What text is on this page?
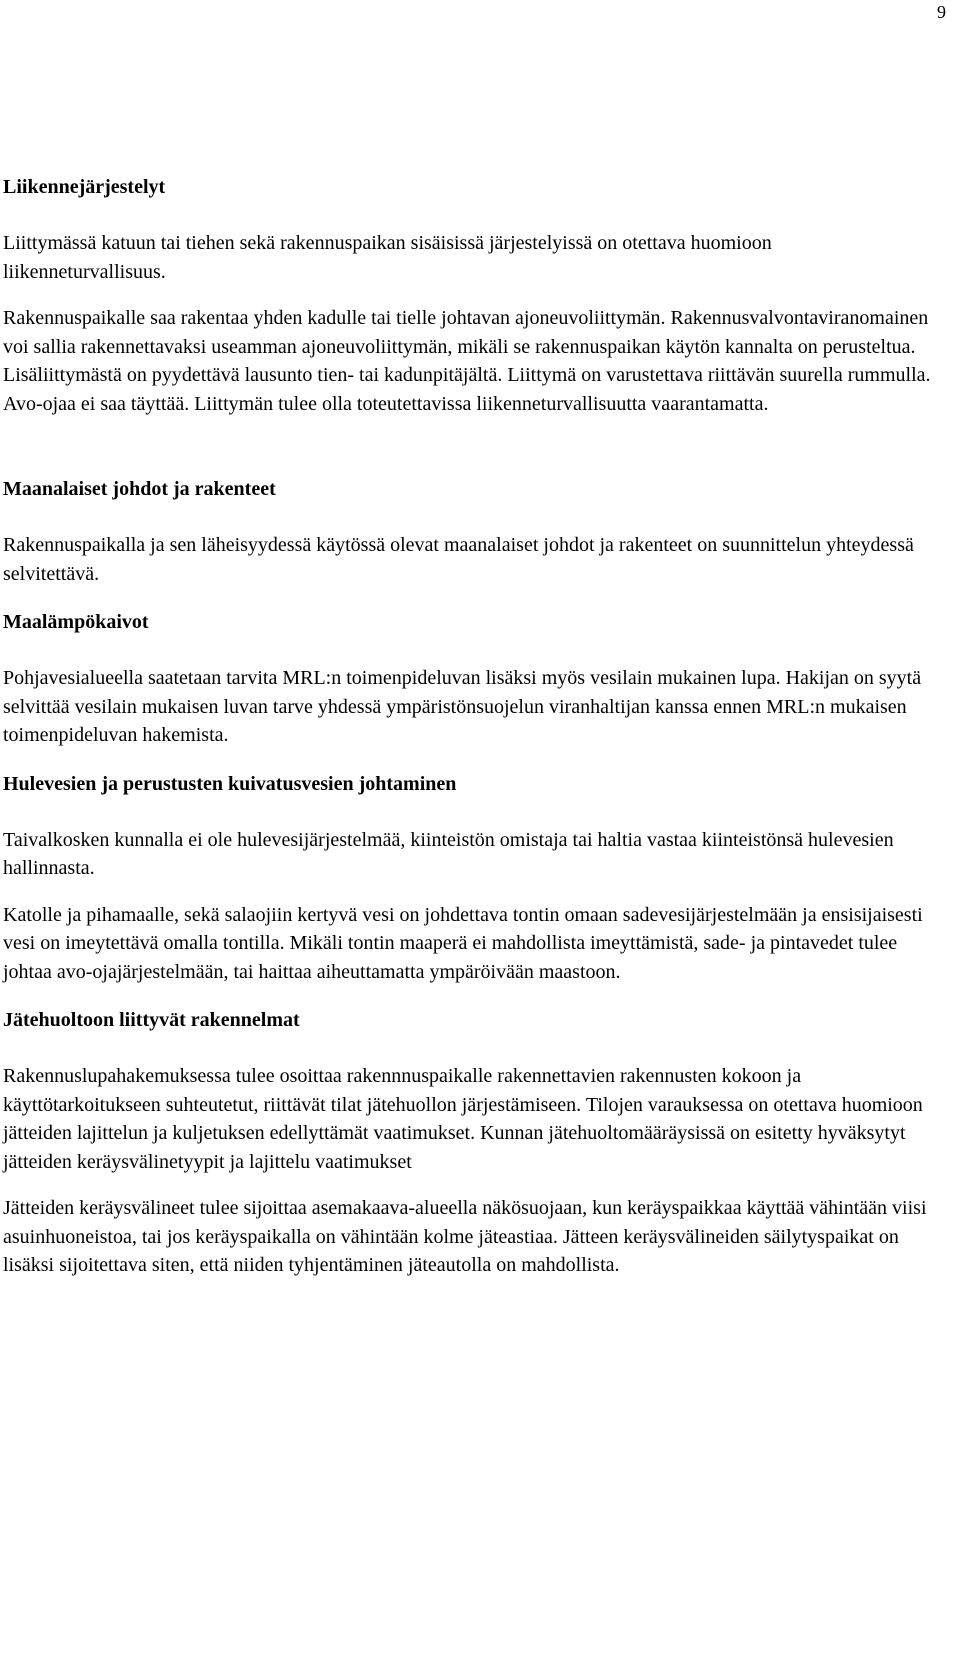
9
Liikennejärjestelyt

Liittymässä katuun tai tiehen sekä rakennuspaikan sisäisissä järjestelyissä on otettava huomioon liikenneturvallisuus.

Rakennuspaikalle saa rakentaa yhden kadulle tai tielle johtavan ajoneuvoliittymän. Rakennusvalvontaviranomainen voi sallia rakennettavaksi useamman ajoneuvoliittymän, mikäli se rakennuspaikan käytön kannalta on perusteltua. Lisäliittymästä on pyydettävä lausunto tien- tai kadunpitäjältä. Liittymä on varustettava riittävän suurella rummulla. Avo-ojaa ei saa täyttää. Liittymän tulee olla toteutettavissa liikenneturvallisuutta vaarantamatta.

Maanalaiset johdot ja rakenteet

Rakennuspaikalla ja sen läheisyydessä käytössä olevat maanalaiset johdot ja rakenteet on suunnittelun yhteydessä selvitettävä.

Maalämpökaivot

Pohjavesialueella saatetaan tarvita MRL:n toimenpideluvan lisäksi myös vesilain mukainen lupa. Hakijan on syytä selvittää vesilain mukaisen luvan tarve yhdessä ympäristönsuojelun viranhaltijan kanssa ennen MRL:n mukaisen toimenpideluvan hakemista.

Hulevesien ja perustusten kuivatusvesien johtaminen

Taivalkosken kunnalla ei ole hulevesijärjestelmää, kiinteistön omistaja tai haltia vastaa kiinteistönsä hulevesien hallinnasta.

Katolle ja pihamaalle, sekä salaojiin kertyvä vesi on johdettava tontin omaan sadevesijärjestelmään ja ensisijaisesti vesi on imeytettävä omalla tontilla. Mikäli tontin maaperä ei mahdollista imeyttämistä, sade- ja pintavedet tulee johtaa avo-ojajärjestelmään, tai haittaa aiheuttamatta ympäröivään maastoon.

Jätehuoltoon liittyvät rakennelmat

Rakennuslupahakemuksessa tulee osoittaa rakennnuspaikalle rakennettavien rakennusten kokoon ja käyttötarkoitukseen suhteutetut, riittävät tilat jätehuollon järjestämiseen. Tilojen varauksessa on otettava huomioon jätteiden lajittelun ja kuljetuksen edellyttämät vaatimukset. Kunnan jätehuoltomääräysissä on esitetty hyväksytyt jätteiden keräysvälinetyypit ja lajittelu vaatimukset

Jätteiden keräysvälineet tulee sijoittaa asemakaava-alueella näkösuojaan, kun keräyspaikkaa käyttää vähintään viisi asuinhuoneistoa, tai jos keräyspaikalla on vähintään kolme jäteastiaa. Jätteen keräysvälineiden säilytyspaikat on lisäksi sijoitettava siten, että niiden tyhjentäminen jäteautolla on mahdollista.
